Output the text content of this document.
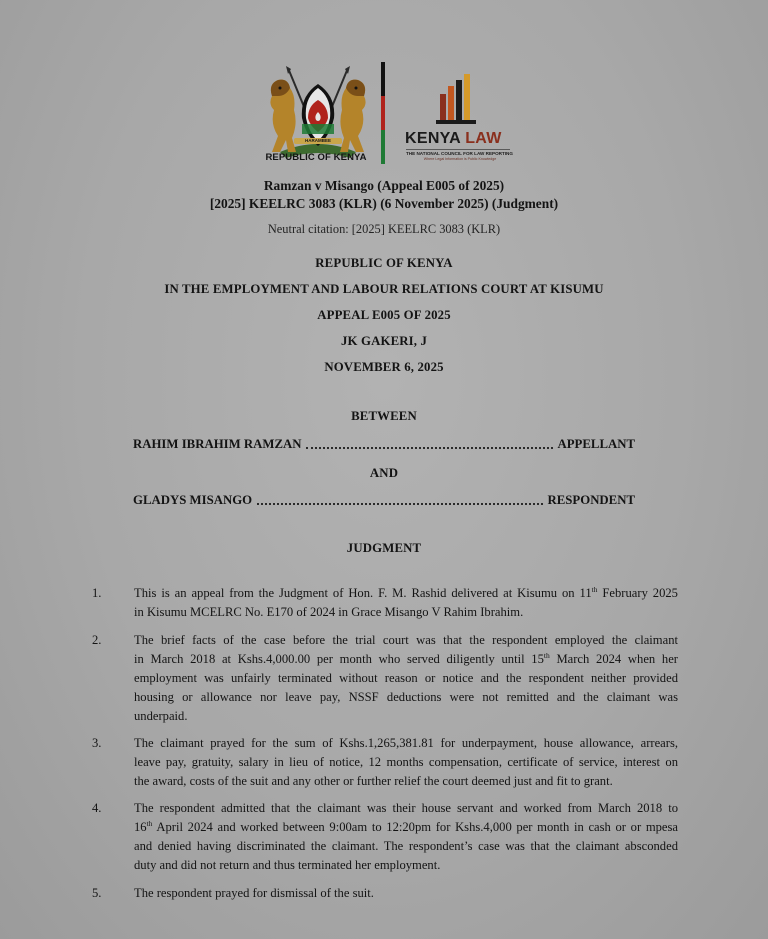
HARAMBEE
REPUBLIC OF KENYA
KENYA LAW
THE NATIONAL COUNCIL FOR LAW REPORTING
Where Legal Information is Public Knowledge
Ramzan v Misango (Appeal E005 of 2025)
[2025] KEELRC 3083 (KLR) (6 November 2025) (Judgment)
Neutral citation: [2025] KEELRC 3083 (KLR)
REPUBLIC OF KENYA
IN THE EMPLOYMENT AND LABOUR RELATIONS COURT AT KISUMU
APPEAL E005 OF 2025
JK GAKERI, J
NOVEMBER 6, 2025
BETWEEN
RAHIM IBRAHIM RAMZAN	APPELLANT
AND
GLADYS MISANGO	RESPONDENT
JUDGMENT
1.	This is an appeal from the Judgment of Hon. F. M. Rashid delivered at Kisumu on 11th February 2025
in Kisumu MCELRC No. E170 of 2024 in Grace Misango V Rahim Ibrahim.
2.	The brief facts of the case before the trial court was that the respondent employed the claimant
in March 2018 at Kshs.4,000.00 per month who served diligently until 15th March 2024 when her
employment was unfairly terminated without reason or notice and the respondent neither provided
housing or allowance nor leave pay, NSSF deductions were not remitted and the claimant was
underpaid.
3.	The claimant prayed for the sum of Kshs.1,265,381.81 for underpayment, house allowance, arrears,
leave pay, gratuity, salary in lieu of notice, 12 months compensation, certificate of service, interest on
the award, costs of the suit and any other or further relief the court deemed just and fit to grant.
4.	The respondent admitted that the claimant was their house servant and worked from March 2018 to
16th April 2024 and worked between 9:00am to 12:20pm for Kshs.4,000 per month in cash or or mpesa
and denied having discriminated the claimant. The respondent’s case was that the claimant absconded
duty and did not return and thus terminated her employment.
5.	The respondent prayed for dismissal of the suit.
